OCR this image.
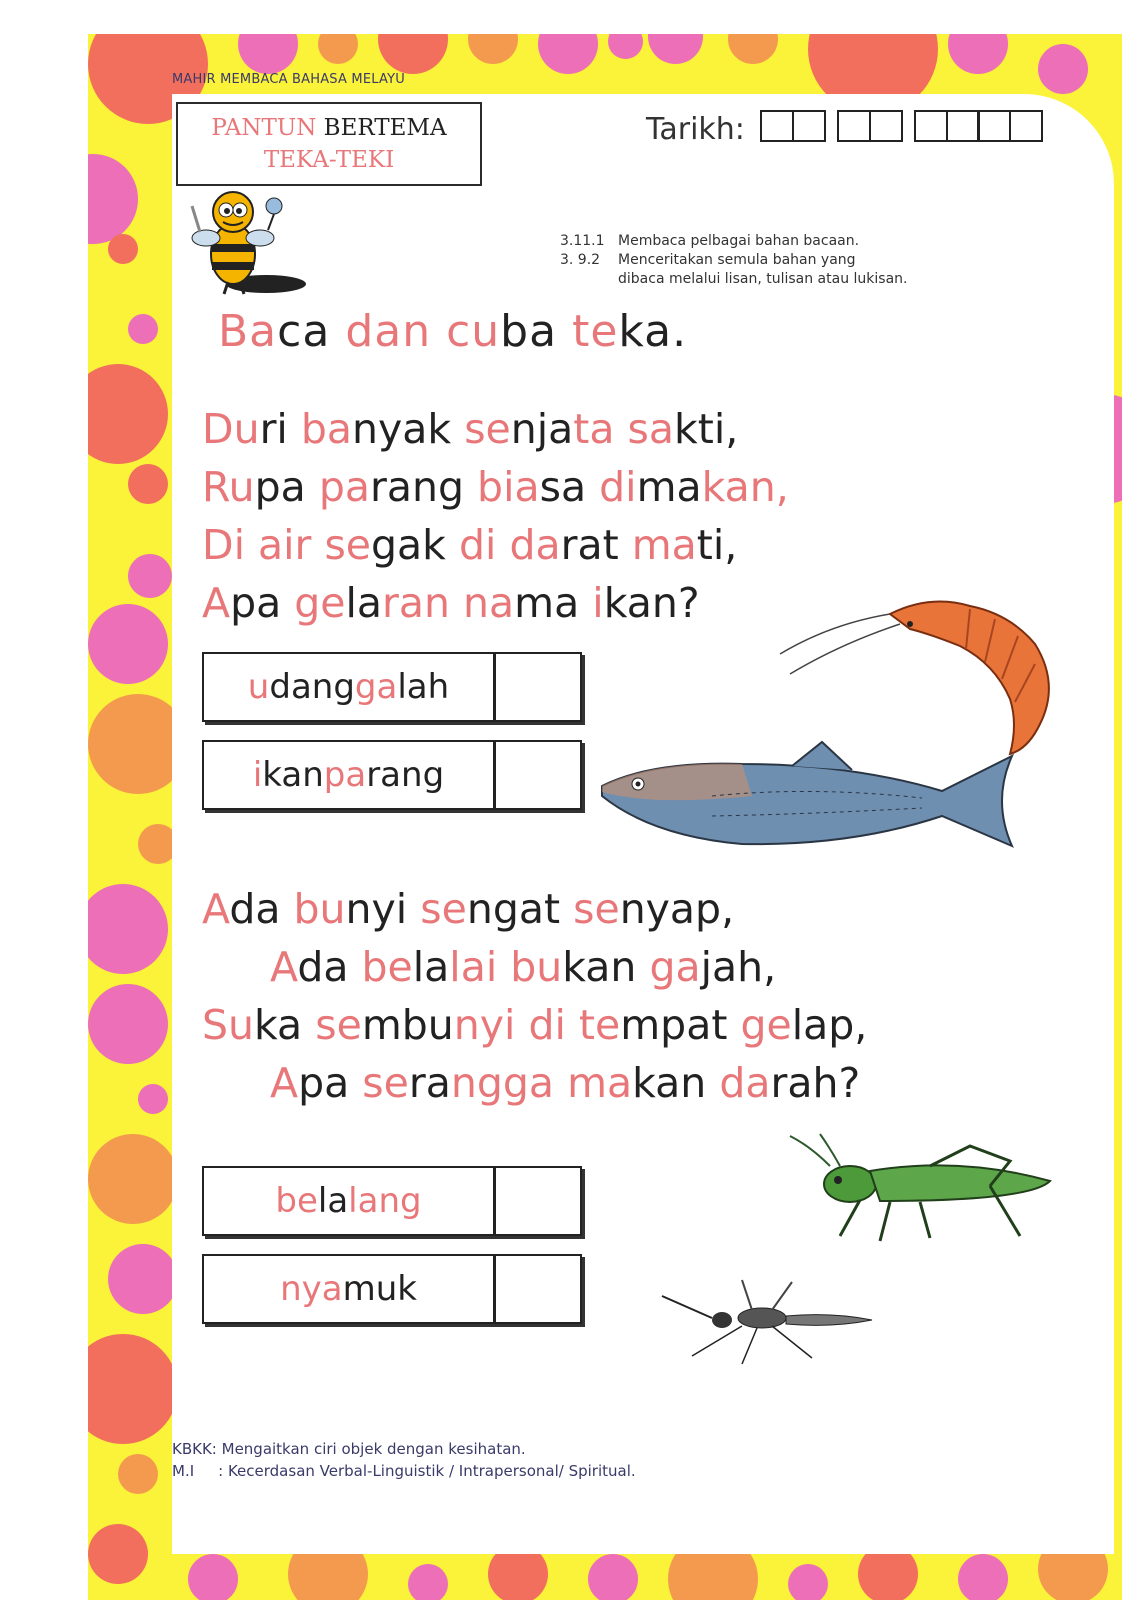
MAHIR MEMBACA BAHASA MELAYU
PANTUN BERTEMA
TEKA-TEKI
Tarikh:
3.11.1 Membaca pelbagai bahan bacaan.
3. 9.2	Menceritakan semula bahan yang
dibaca melalui lisan, tulisan atau lukisan.
Baca dan cuba teka.
Duri banyak senjata sakti,
Rupa parang biasa dimakan,
Di air segak di darat mati,
Apa gelaran nama ikan?
u dang ga lah
i kan pa rang
Ada bunyi sengat senyap,
Ada belalai bukan gajah,
Suka sembunyi di tempat gelap,
Apa serangga makan darah?
be la lang
nya muk
KBKK: Mengaitkan ciri objek dengan kesihatan.
M.I : Kecerdasan Verbal-Linguistik / Intrapersonal/ Spiritual.
